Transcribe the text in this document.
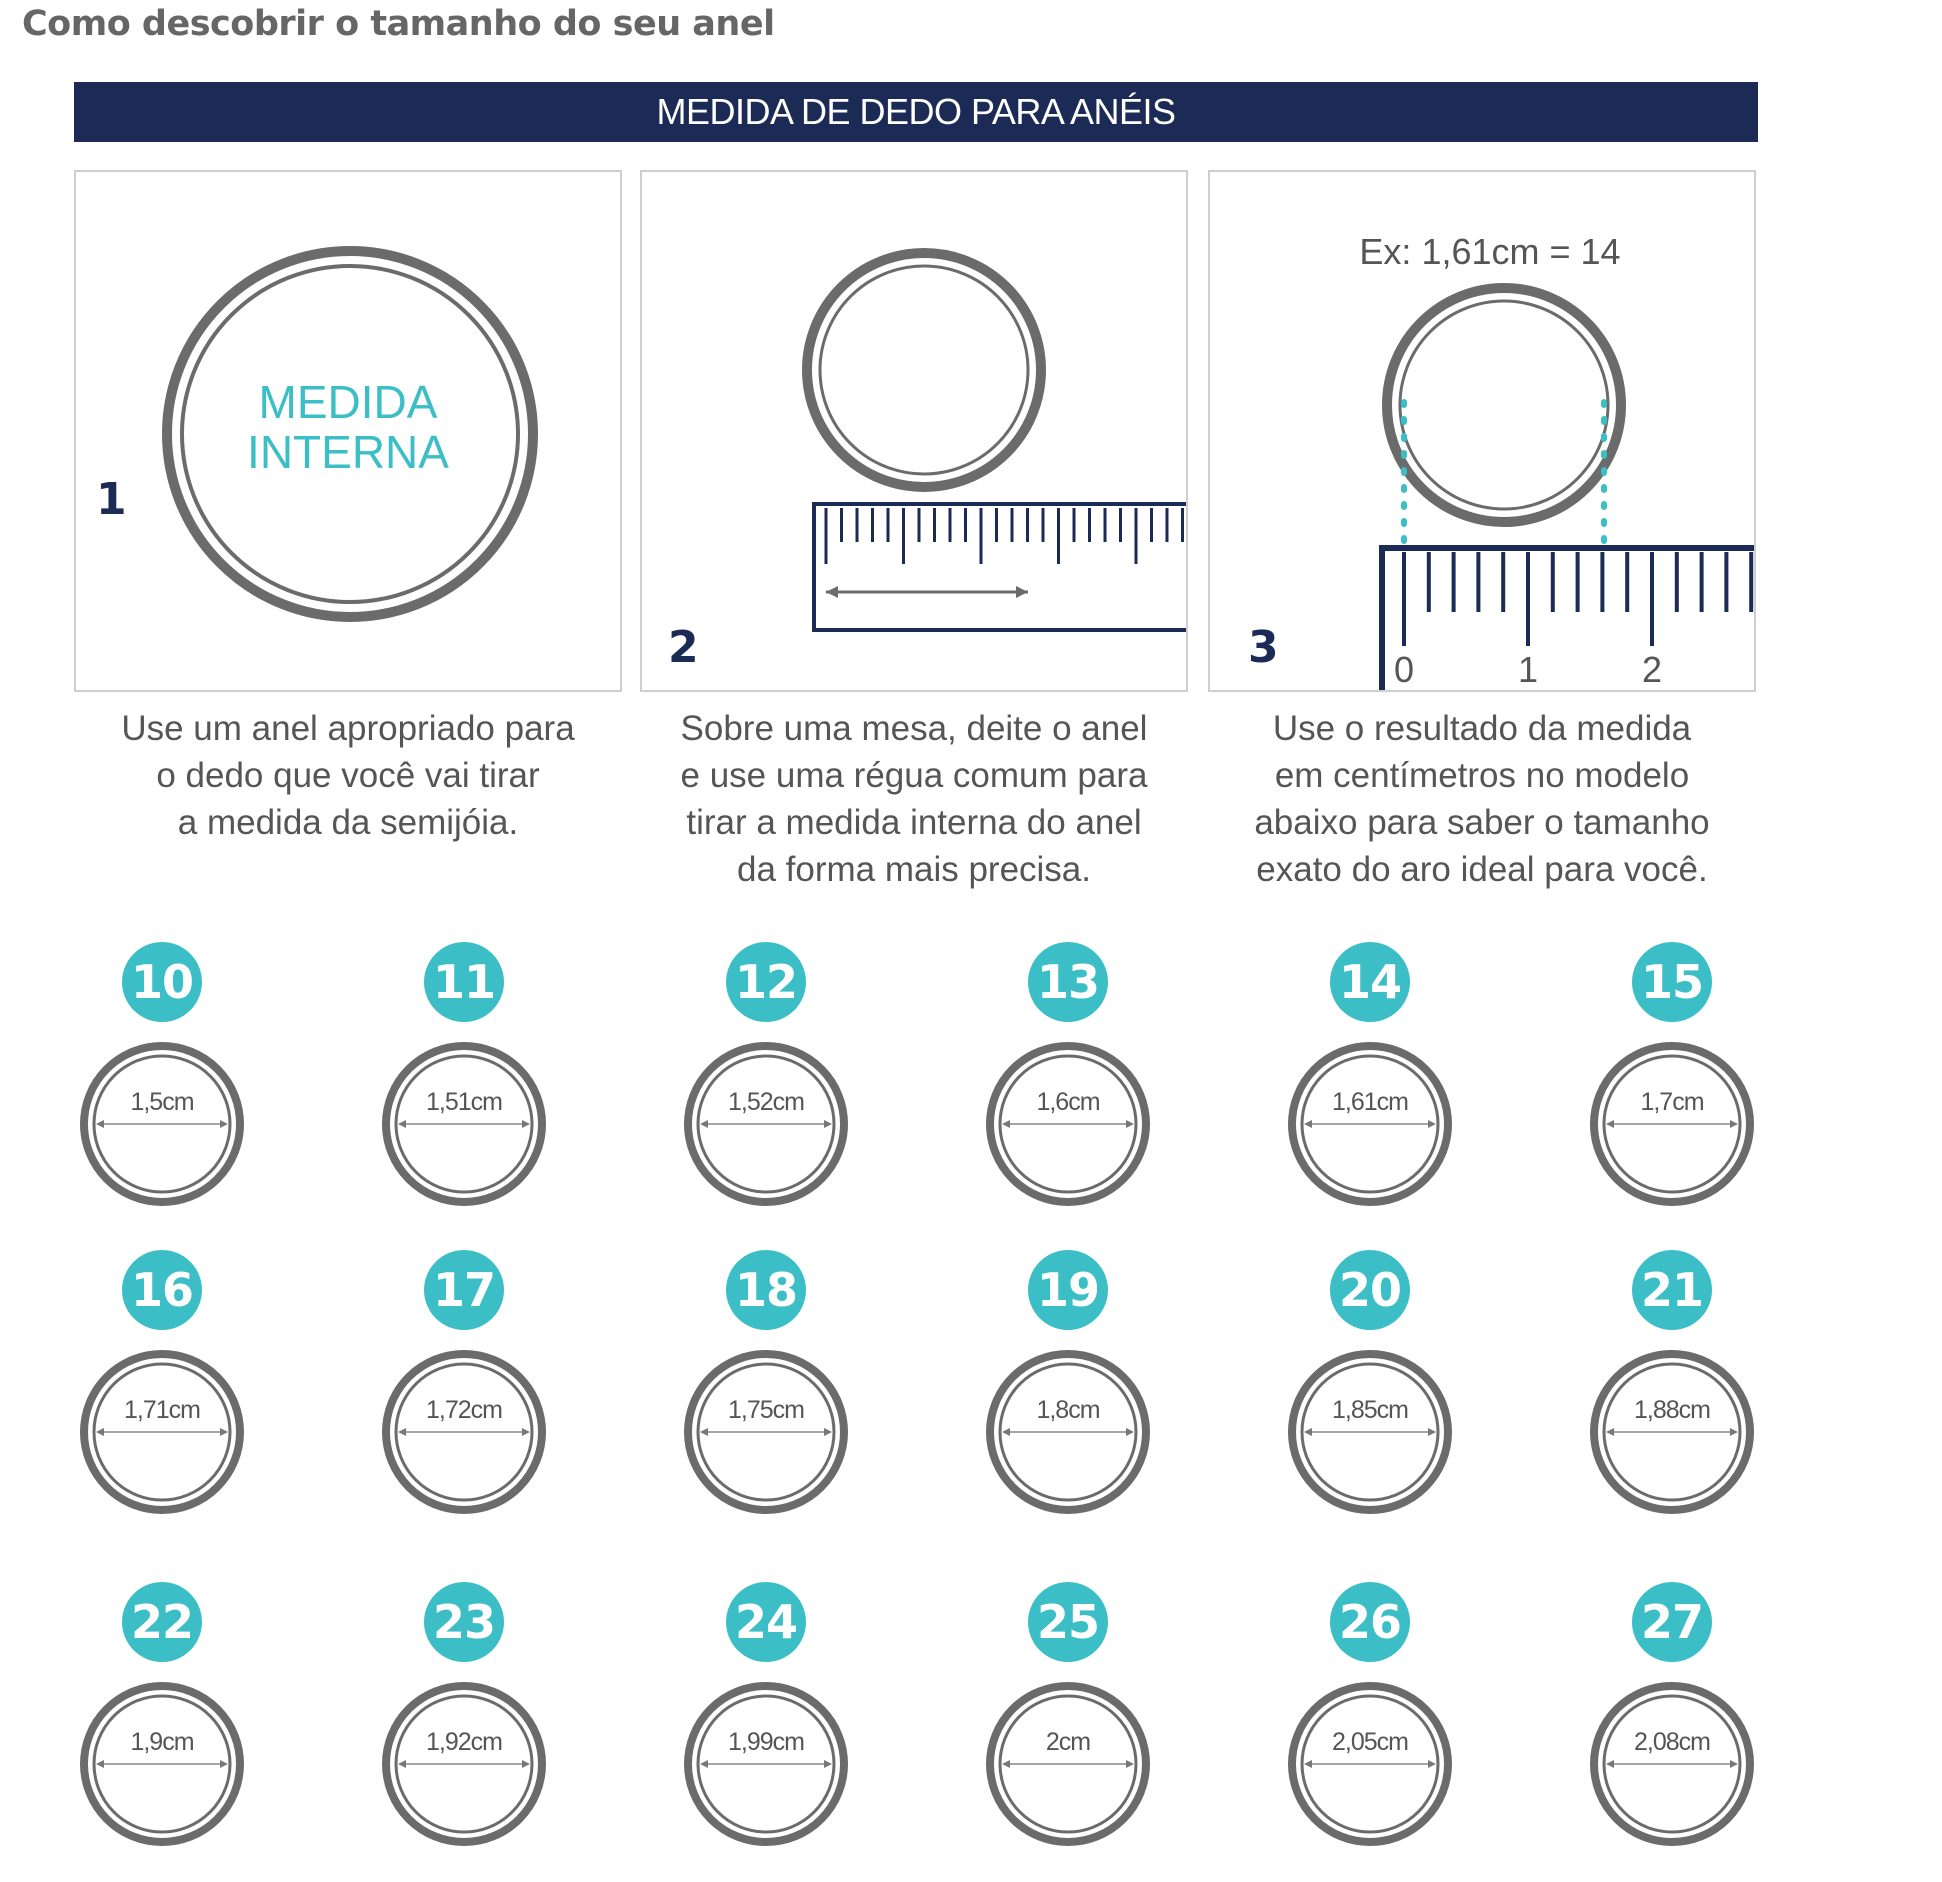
Como descobrir o tamanho do seu anel
MEDIDA DE DEDO PARA ANÉIS
MEDIDA
INTERNA
1
2
Ex: 1,61cm = 14
0	1	2
3
Use um anel apropriado para
o dedo que você vai tirar
a medida da semijóia.
Sobre uma mesa, deite o anel
e use uma régua comum para
tirar a medida interna do anel
da forma mais precisa.
Use o resultado da medida
em centímetros no modelo
abaixo para saber o tamanho
exato do aro ideal para você.
10
1,5cm
11
1,51cm
12
1,52cm
13
1,6cm
14
1,61cm
15
1,7cm
16
1,71cm
17
1,72cm
18
1,75cm
19
1,8cm
20
1,85cm
21
1,88cm
22
1,9cm
23
1,92cm
24
1,99cm
25
2cm
26
2,05cm
27
2,08cm
